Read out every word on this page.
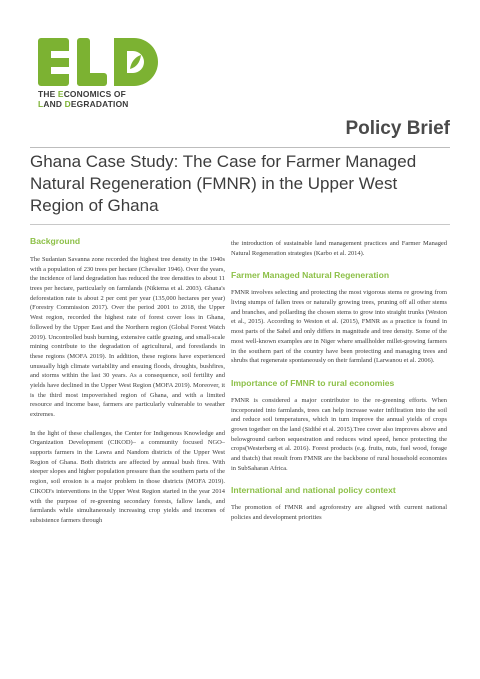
THE ECONOMICS OF
LAND DEGRADATION
Policy Brief
Ghana Case Study: The Case for Farmer Managed Natural Regeneration (FMNR) in the Upper West Region of Ghana
Background

The Sudanian Savanna zone recorded the highest tree density in the 1940s with a population of 230 trees per hectare (Chevalier 1946). Over the years, the incidence of land degradation has reduced the tree densities to about 11 trees per hectare, particularly on farmlands (Nikiema et al. 2003). Ghana's deforestation rate is about 2 per cent per year (135,000 hectares per year) (Forestry Commission 2017). Over the period 2001 to 2018, the Upper West region, recorded the highest rate of forest cover loss in Ghana, followed by the Upper East and the Northern region (Global Forest Watch 2019). Uncontrolled bush burning, extensive cattle grazing, and small-scale mining contribute to the degradation of agricultural, and forestlands in these regions (MOFA 2019). In addition, these regions have experienced unusually high climate variability and ensuing floods, droughts, bushfires, and storms within the last 30 years. As a consequence, soil fertility and yields have declined in the Upper West Region (MOFA 2019). Moreover, it is the third most impoverished region of Ghana, and with a limited resource and income base, farmers are particularly vulnerable to weather extremes.

In the light of these challenges, the Center for Indigenous Knowledge and Organization Development (CIKOD)– a community focused NGO–supports farmers in the Lawra and Nandom districts of the Upper West Region of Ghana. Both districts are affected by annual bush fires. With steeper slopes and higher population pressure than the southern parts of the region, soil erosion is a major problem in those districts (MOFA 2019). CIKOD's interventions in the Upper West Region started in the year 2014 with the purpose of re-greening secondary forests, fallow lands, and farmlands while simultaneously increasing crop yields and incomes of subsistence farmers through

the introduction of sustainable land management practices and Farmer Managed Natural Regeneration strategies (Karbo et al. 2014).

Farmer Managed Natural Regeneration

FMNR involves selecting and protecting the most vigorous stems re growing from living stumps of fallen trees or naturally growing trees, pruning off all other stems and branches, and pollarding the chosen stems to grow into straight trunks (Weston et al., 2015). According to Weston et al. (2015), FMNR as a practice is found in most parts of the Sahel and only differs in magnitude and tree density. Some of the most well-known examples are in Niger where smallholder millet-growing farmers in the southern part of the country have been protecting and managing trees and shrubs that regenerate spontaneously on their farmland (Larwanou et al. 2006).

Importance of FMNR to rural economies

FMNR is considered a major contributor to the re-greening efforts. When incorporated into farmlands, trees can help increase water infiltration into the soil and reduce soil temperatures, which in turn improve the annual yields of crops grown together on the land (Sidibé et al. 2015).Tree cover also improves above and belowground carbon sequestration and reduces wind speed, hence protecting the crops(Westerberg et al. 2016). Forest products (e.g. fruits, nuts, fuel wood, forage and thatch) that result from FMNR are the backbone of rural household economies in SubSaharan Africa.

International and national policy context

The promotion of FMNR and agroforestry are aligned with current national policies and development priorities
